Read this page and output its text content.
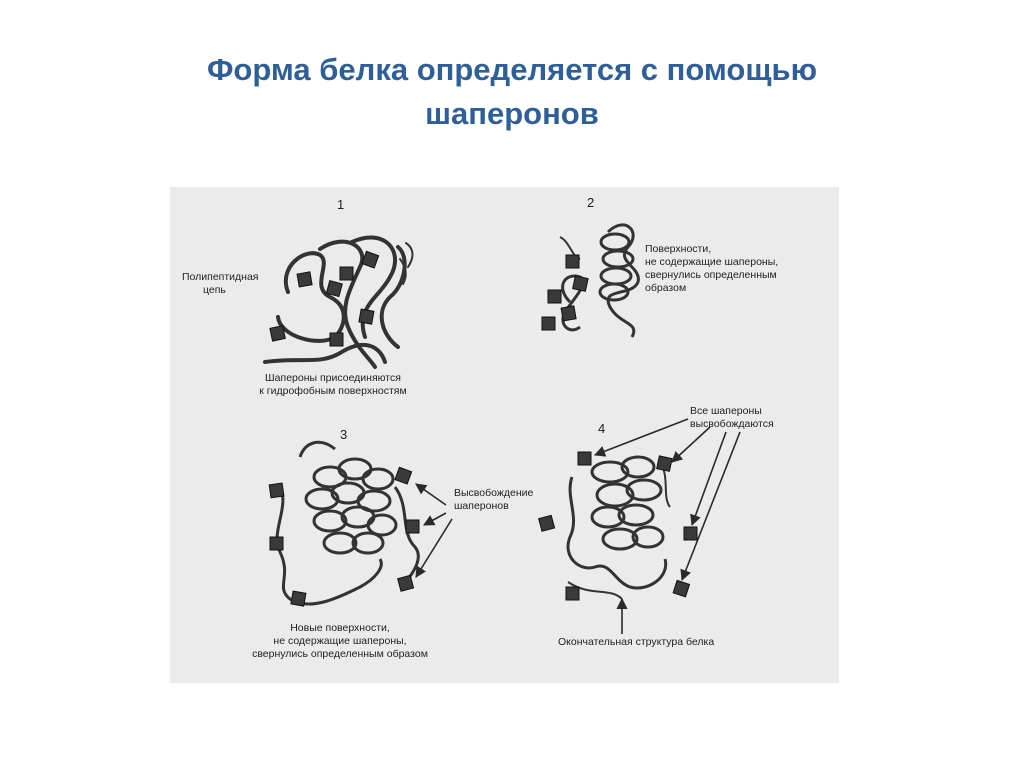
Форма белка определяется с помощью
шаперонов
1
Полипептидная
цепь
Шапероны присоединяются
к гидрофобным поверхностям
2
Поверхности,
не содержащие шапероны,
свернулись определенным
образом
3
Высвобождение
шаперонов
Новые поверхности,
не содержащие шапероны,
свернулись определенным образом
4
Все шапероны
высвобождаются
Окончательная структура белка
